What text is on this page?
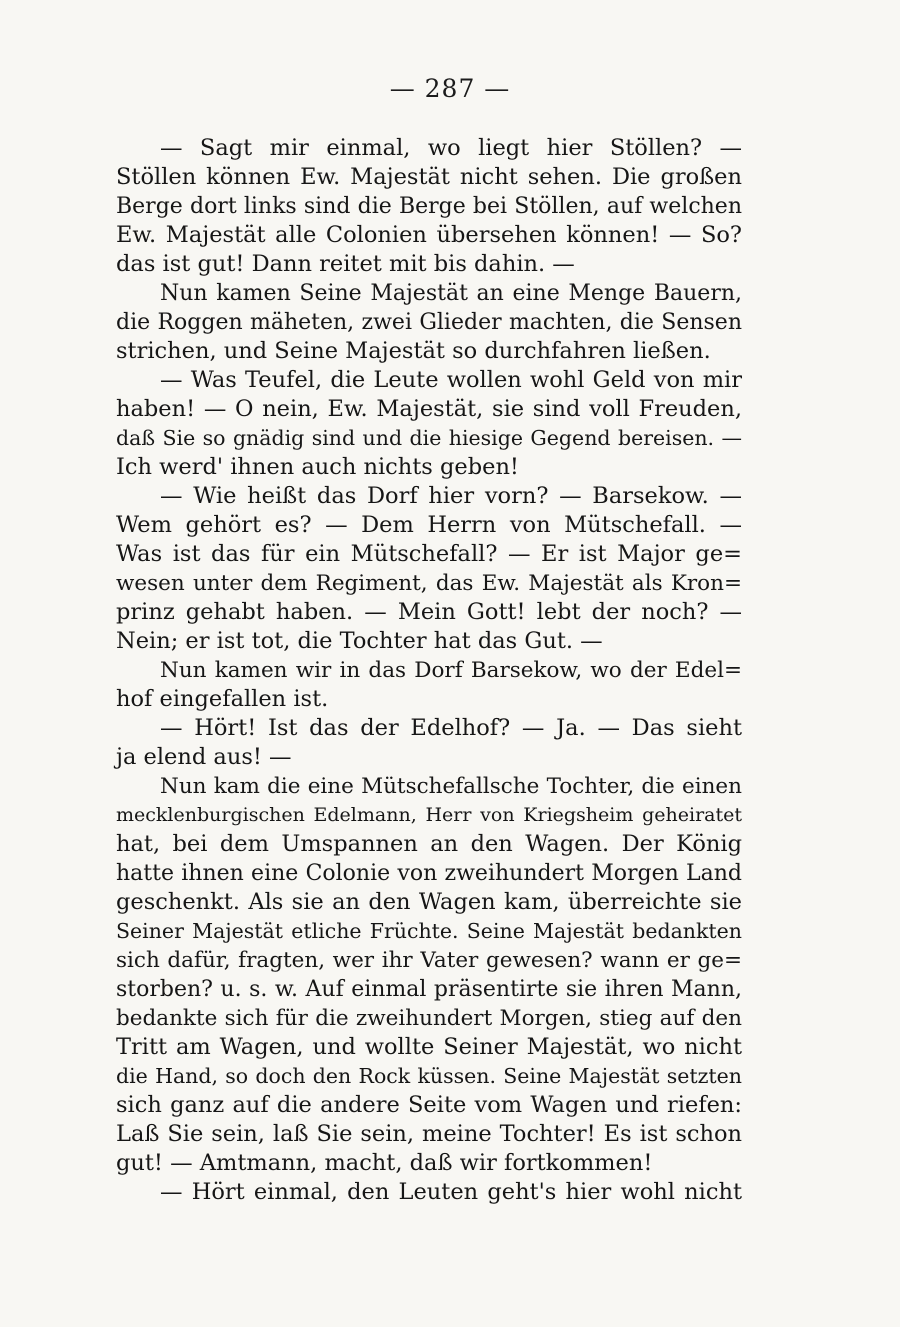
— 287 —
— Sagt mir einmal, wo liegt hier Stöllen? —
Stöllen können Ew. Majestät nicht sehen. Die großen
Berge dort links sind die Berge bei Stöllen, auf welchen
Ew. Majestät alle Colonien übersehen können! — So?
das ist gut! Dann reitet mit bis dahin. —
Nun kamen Seine Majestät an eine Menge Bauern,
die Roggen mäheten, zwei Glieder machten, die Sensen
strichen, und Seine Majestät so durchfahren ließen.
— Was Teufel, die Leute wollen wohl Geld von mir
haben! — O nein, Ew. Majestät, sie sind voll Freuden,
daß Sie so gnädig sind und die hiesige Gegend bereisen. —
Ich werd' ihnen auch nichts geben!
— Wie heißt das Dorf hier vorn? — Barsekow. —
Wem gehört es? — Dem Herrn von Mütschefall. —
Was ist das für ein Mütschefall? — Er ist Major ge=
wesen unter dem Regiment, das Ew. Majestät als Kron=
prinz gehabt haben. — Mein Gott! lebt der noch? —
Nein; er ist tot, die Tochter hat das Gut. —
Nun kamen wir in das Dorf Barsekow, wo der Edel=
hof eingefallen ist.
— Hört! Ist das der Edelhof? — Ja. — Das sieht
ja elend aus! —
Nun kam die eine Mütschefallsche Tochter, die einen
mecklenburgischen Edelmann, Herr von Kriegsheim geheiratet
hat, bei dem Umspannen an den Wagen. Der König
hatte ihnen eine Colonie von zweihundert Morgen Land
geschenkt. Als sie an den Wagen kam, überreichte sie
Seiner Majestät etliche Früchte. Seine Majestät bedankten
sich dafür, fragten, wer ihr Vater gewesen? wann er ge=
storben? u. s. w. Auf einmal präsentirte sie ihren Mann,
bedankte sich für die zweihundert Morgen, stieg auf den
Tritt am Wagen, und wollte Seiner Majestät, wo nicht
die Hand, so doch den Rock küssen. Seine Majestät setzten
sich ganz auf die andere Seite vom Wagen und riefen:
Laß Sie sein, laß Sie sein, meine Tochter! Es ist schon
gut! — Amtmann, macht, daß wir fortkommen!
— Hört einmal, den Leuten geht's hier wohl nicht
